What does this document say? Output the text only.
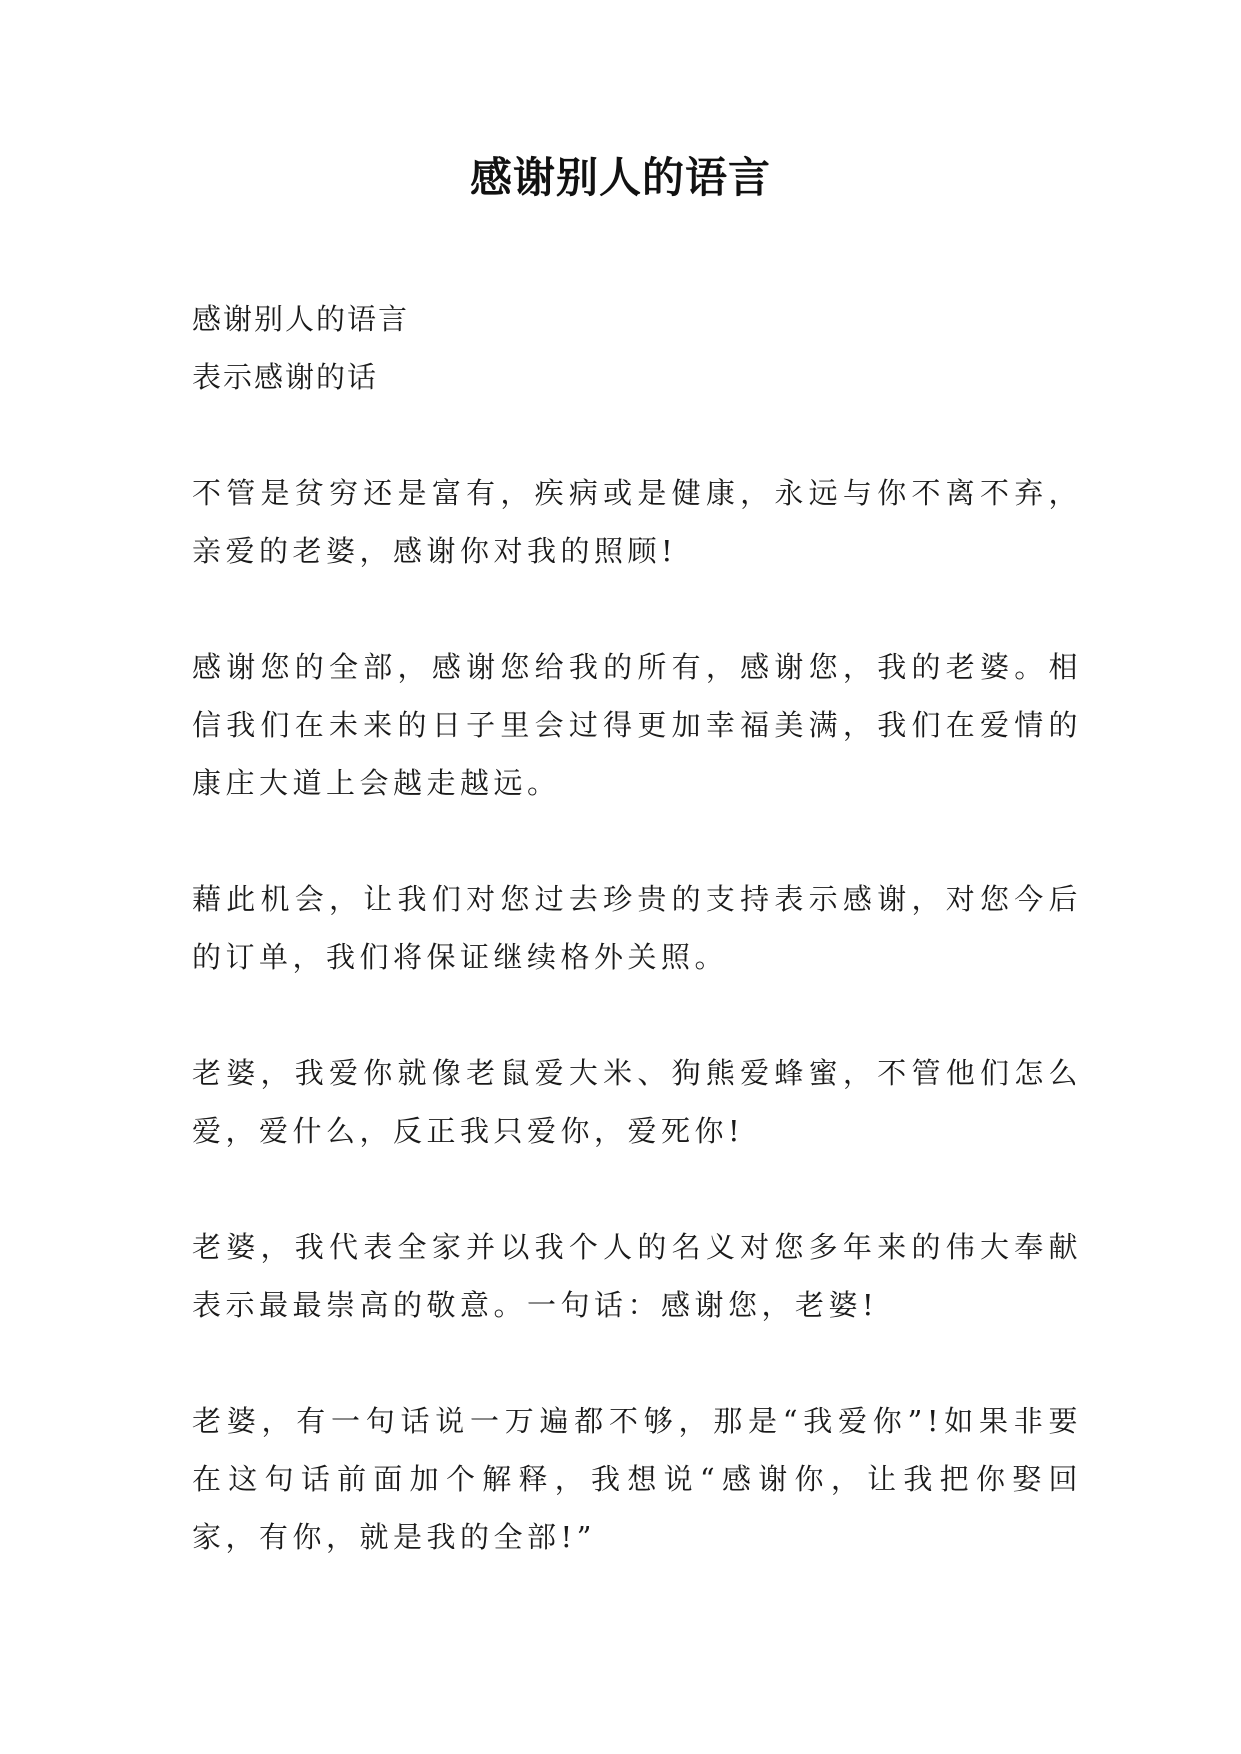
感谢别人的语言

感谢别人的语言

表示感谢的话

不管是贫穷还是富有，疾病或是健康，永远与你不离不弃，亲爱的老婆，感谢你对我的照顾!

感谢您的全部，感谢您给我的所有，感谢您，我的老婆。相信我们在未来的日子里会过得更加幸福美满，我们在爱情的康庄大道上会越走越远。

藉此机会，让我们对您过去珍贵的支持表示感谢，对您今后的订单，我们将保证继续格外关照。

老婆，我爱你就像老鼠爱大米、狗熊爱蜂蜜，不管他们怎么爱，爱什么，反正我只爱你，爱死你!

老婆，我代表全家并以我个人的名义对您多年来的伟大奉献表示最最崇高的敬意。一句话：感谢您，老婆!

老婆，有一句话说一万遍都不够，那是“我爱你”!如果非要在这句话前面加个解释，我想说“感谢你，让我把你娶回家，有你，就是我的全部!”
